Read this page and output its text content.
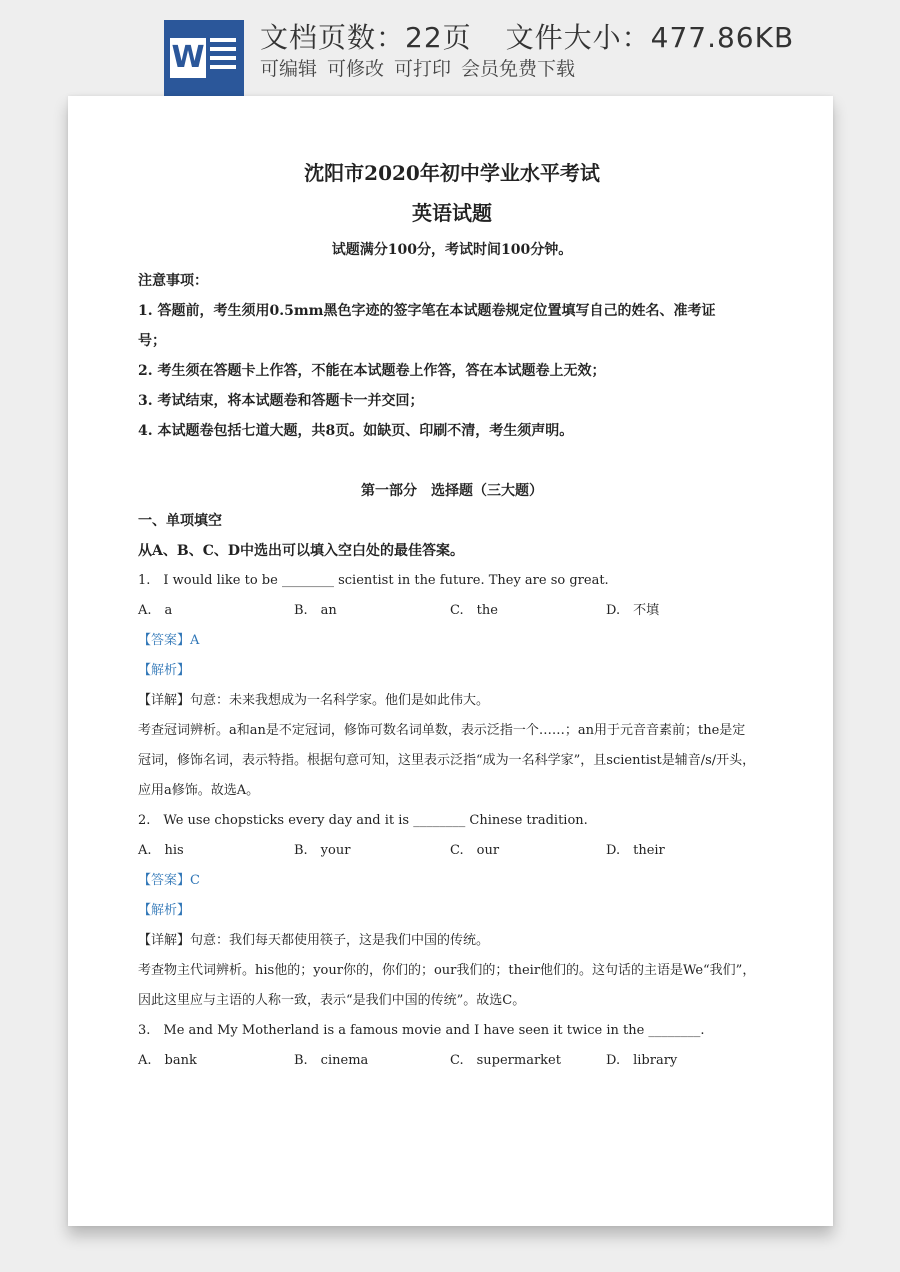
W
文档页数：22页 文件大小：477.86KB
可编辑 可修改 可打印 会员免费下载
沈阳市2020年初中学业水平考试
英语试题
试题满分100分，考试时间100分钟。
注意事项：
1. 答题前，考生须用0.5mm黑色字迹的签字笔在本试题卷规定位置填写自己的姓名、准考证
号；
2. 考生须在答题卡上作答，不能在本试题卷上作答，答在本试题卷上无效；
3. 考试结束，将本试题卷和答题卡一并交回；
4. 本试题卷包括七道大题，共8页。如缺页、印刷不清，考生须声明。
第一部分　选择题（三大题）
一、单项填空
从A、B、C、D中选出可以填入空白处的最佳答案。
1.　I would like to be ________ scientist in the future. They are so great.
A.　a	B.　an	C.　the	D.　不填
【答案】A
【解析】
【详解】句意：未来我想成为一名科学家。他们是如此伟大。
考查冠词辨析。a和an是不定冠词，修饰可数名词单数，表示泛指一个……；an用于元音音素前；the是定
冠词，修饰名词，表示特指。根据句意可知，这里表示泛指“成为一名科学家”，且scientist是辅音/s/开头，
应用a修饰。故选A。
2.　We use chopsticks every day and it is ________ Chinese tradition.
A.　his	B.　your	C.　our	D.　their
【答案】C
【解析】
【详解】句意：我们每天都使用筷子，这是我们中国的传统。
考查物主代词辨析。his他的；your你的，你们的；our我们的；their他们的。这句话的主语是We“我们”，
因此这里应与主语的人称一致，表示“是我们中国的传统”。故选C。
3.　Me and My Motherland is a famous movie and I have seen it twice in the ________.
A.　bank	B.　cinema	C.　supermarket	D.　library
